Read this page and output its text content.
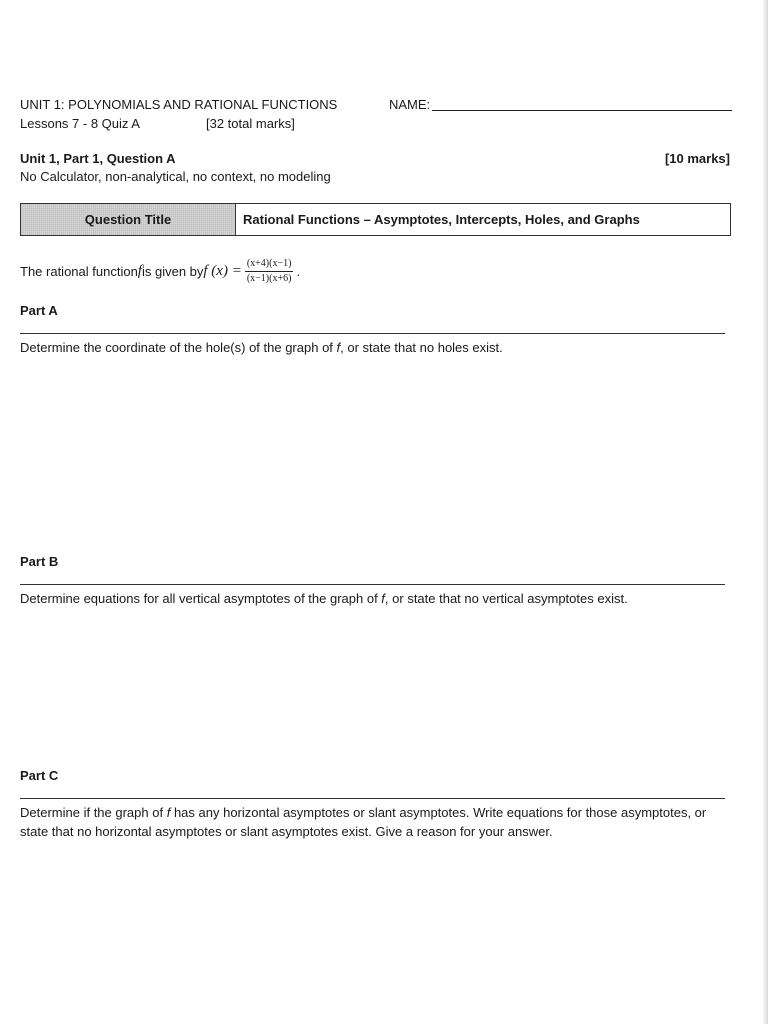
UNIT 1: POLYNOMIALS AND RATIONAL FUNCTIONS
Lessons 7 - 8 Quiz A	[32 total marks]
NAME:
Unit 1, Part 1, Question A	[10 marks]
No Calculator, non-analytical, no context, no modeling
Question Title	Rational Functions – Asymptotes, Intercepts, Holes, and Graphs
The rational function f is given by f $(x) = \frac{(x+4)(x-1)}{(x-1)(x+6)}$ .
Part A
Determine the coordinate of the hole(s) of the graph of f, or state that no holes exist.
Part B
Determine equations for all vertical asymptotes of the graph of f, or state that no vertical asymptotes exist.
Part C
Determine if the graph of f has any horizontal asymptotes or slant asymptotes. Write equations for those asymptotes, or state that no horizontal asymptotes or slant asymptotes exist. Give a reason for your answer.
